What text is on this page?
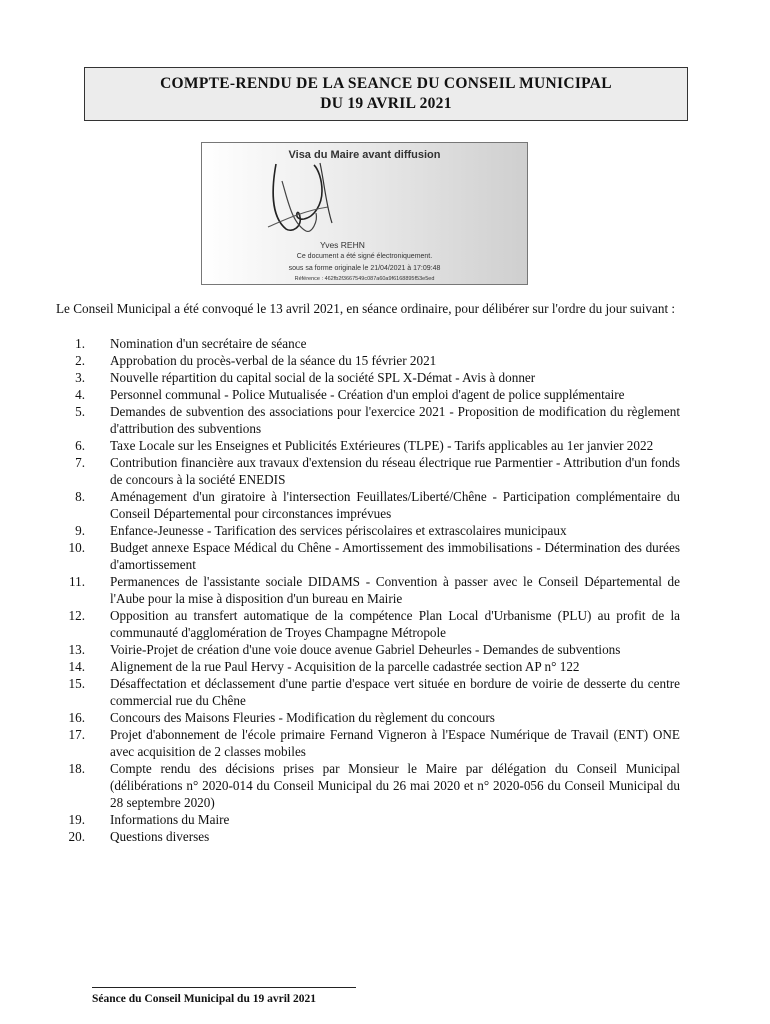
COMPTE-RENDU DE LA SEANCE DU CONSEIL MUNICIPAL
DU 19 AVRIL 2021
Visa du Maire avant diffusion
Yves REHN
Ce document a été signé électroniquement.
sous sa forme originale le 21/04/2021 à 17:09:48
Référence : 462fb2f3667549c087a60a9f6168895f53e5ed
Le Conseil Municipal a été convoqué le 13 avril 2021, en séance ordinaire, pour délibérer sur l'ordre du jour suivant :
1. Nomination d'un secrétaire de séance
2. Approbation du procès-verbal de la séance du 15 février 2021
3. Nouvelle répartition du capital social de la société SPL X-Démat - Avis à donner
4. Personnel communal - Police Mutualisée - Création d'un emploi d'agent de police supplémentaire
5. Demandes de subvention des associations pour l'exercice 2021 - Proposition de modification du règlement d'attribution des subventions
6. Taxe Locale sur les Enseignes et Publicités Extérieures (TLPE) - Tarifs applicables au 1er janvier 2022
7. Contribution financière aux travaux d'extension du réseau électrique rue Parmentier - Attribution d'un fonds de concours à la société ENEDIS
8. Aménagement d'un giratoire à l'intersection Feuillates/Liberté/Chêne - Participation complémentaire du Conseil Départemental pour circonstances imprévues
9. Enfance-Jeunesse - Tarification des services périscolaires et extrascolaires municipaux
10. Budget annexe Espace Médical du Chêne - Amortissement des immobilisations - Détermination des durées d'amortissement
11. Permanences de l'assistante sociale DIDAMS - Convention à passer avec le Conseil Départemental de l'Aube pour la mise à disposition d'un bureau en Mairie
12. Opposition au transfert automatique de la compétence Plan Local d'Urbanisme (PLU) au profit de la communauté d'agglomération de Troyes Champagne Métropole
13. Voirie-Projet de création d'une voie douce avenue Gabriel Deheurles - Demandes de subventions
14. Alignement de la rue Paul Hervy - Acquisition de la parcelle cadastrée section AP n° 122
15. Désaffectation et déclassement d'une partie d'espace vert située en bordure de voirie de desserte du centre commercial rue du Chêne
16. Concours des Maisons Fleuries - Modification du règlement du concours
17. Projet d'abonnement de l'école primaire Fernand Vigneron à l'Espace Numérique de Travail (ENT) ONE avec acquisition de 2 classes mobiles
18. Compte rendu des décisions prises par Monsieur le Maire par délégation du Conseil Municipal (délibérations n° 2020-014 du Conseil Municipal du 26 mai 2020 et n° 2020-056 du Conseil Municipal du 28 septembre 2020)
19. Informations du Maire
20. Questions diverses
Séance du Conseil Municipal du 19 avril 2021
